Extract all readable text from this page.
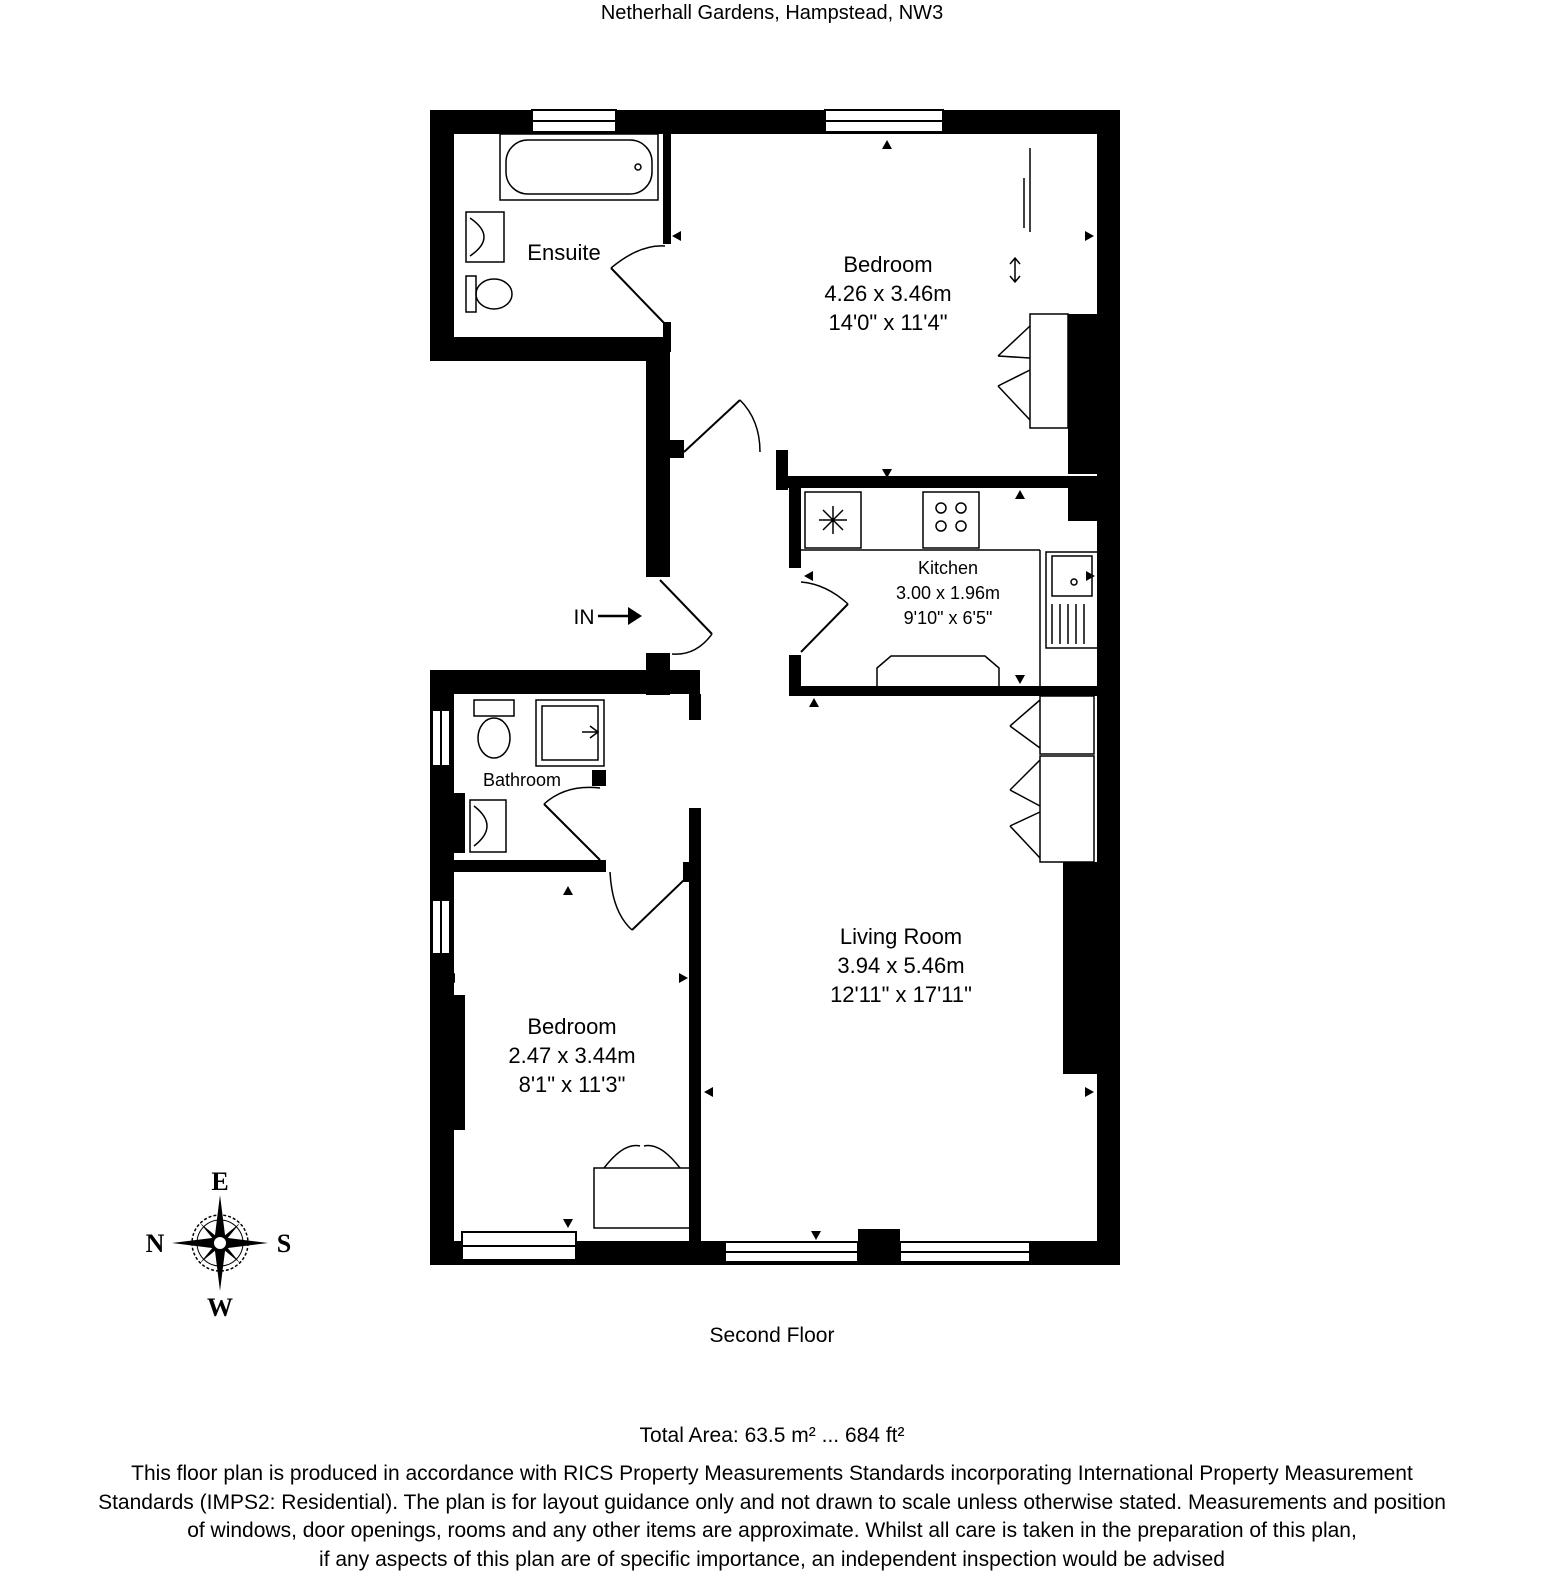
Netherhall Gardens, Hampstead, NW3
IN
Ensuite	Bedroom
4.26 x 3.46m
14'0" x 11'4"
Kitchen
3.00 x 1.96m
9'10" x 6'5"
Bathroom
Living Room
3.94 x 5.46m
12'11" x 17'11"
Bedroom
2.47 x 3.44m
8'1" x 11'3"
E
N	S
W
Second Floor
Total Area: 63.5 m² ... 684 ft²
This floor plan is produced in accordance with RICS Property Measurements Standards incorporating International Property Measurement
Standards (IMPS2: Residential). The plan is for layout guidance only and not drawn to scale unless otherwise stated. Measurements and position
of windows, door openings, rooms and any other items are approximate. Whilst all care is taken in the preparation of this plan,
if any aspects of this plan are of specific importance, an independent inspection would be advised
